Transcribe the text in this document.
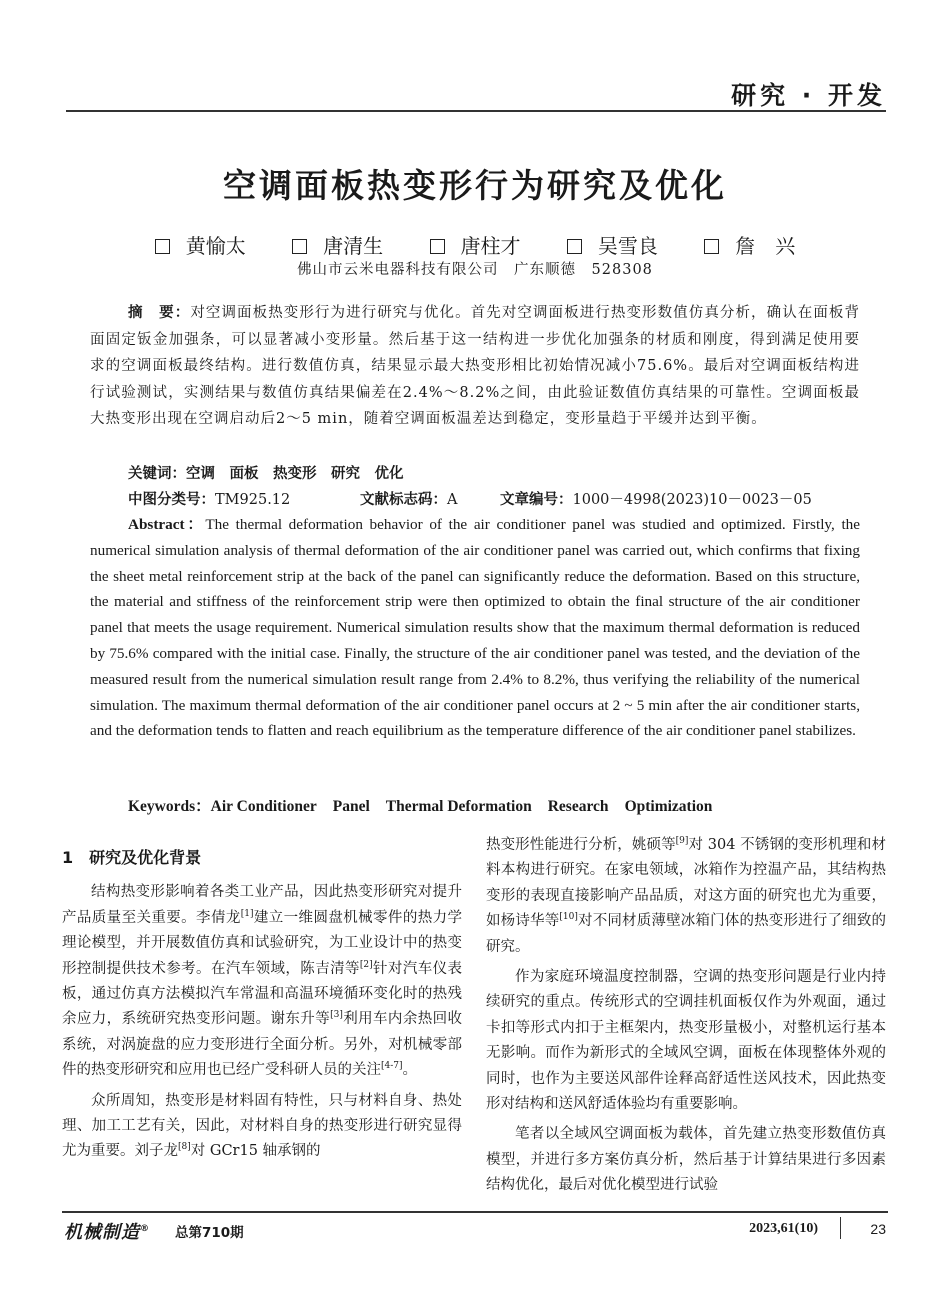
研究 · 开发
空调面板热变形行为研究及优化
黄愉太	唐清生	唐柱才	吴雪良	詹　兴
佛山市云米电器科技有限公司　广东顺德　528308
摘　要：对空调面板热变形行为进行研究与优化。首先对空调面板进行热变形数值仿真分析，确认在面板背面固定钣金加强条，可以显著减小变形量。然后基于这一结构进一步优化加强条的材质和刚度，得到满足使用要求的空调面板最终结构。进行数值仿真，结果显示最大热变形相比初始情况减小75.6%。最后对空调面板结构进行试验测试，实测结果与数值仿真结果偏差在2.4%～8.2%之间，由此验证数值仿真结果的可靠性。空调面板最大热变形出现在空调启动后2～5 min，随着空调面板温差达到稳定，变形量趋于平缓并达到平衡。
关键词：空调　面板　热变形　研究　优化
中图分类号：TM925.12	文献标志码：A	文章编号：1000－4998(2023)10－0023－05
Abstract：The thermal deformation behavior of the air conditioner panel was studied and optimized. Firstly, the numerical simulation analysis of thermal deformation of the air conditioner panel was carried out, which confirms that fixing the sheet metal reinforcement strip at the back of the panel can significantly reduce the deformation. Based on this structure, the material and stiffness of the reinforcement strip were then optimized to obtain the final structure of the air conditioner panel that meets the usage requirement. Numerical simulation results show that the maximum thermal deformation is reduced by 75.6% compared with the initial case. Finally, the structure of the air conditioner panel was tested, and the deviation of the measured result from the numerical simulation result range from 2.4% to 8.2%, thus verifying the reliability of the numerical simulation. The maximum thermal deformation of the air conditioner panel occurs at 2 ~ 5 min after the air conditioner starts, and the deformation tends to flatten and reach equilibrium as the temperature difference of the air conditioner panel stabilizes.
Keywords：Air Conditioner Panel Thermal Deformation Research Optimization

1　研究及优化背景

结构热变形影响着各类工业产品，因此热变形研究对提升产品质量至关重要。李倩龙[1]建立一维圆盘机械零件的热力学理论模型，并开展数值仿真和试验研究，为工业设计中的热变形控制提供技术参考。在汽车领域，陈吉清等[2]针对汽车仪表板，通过仿真方法模拟汽车常温和高温环境循环变化时的热残余应力，系统研究热变形问题。谢东升等[3]利用车内余热回收系统，对涡旋盘的应力变形进行全面分析。另外，对机械零部件的热变形研究和应用也已经广受科研人员的关注[4-7]。

众所周知，热变形是材料固有特性，只与材料自身、热处理、加工工艺有关，因此，对材料自身的热变形进行研究显得尤为重要。刘子龙[8]对 GCr15 轴承钢的

热变形性能进行分析，姚硕等[9]对 304 不锈钢的变形机理和材料本构进行研究。在家电领域，冰箱作为控温产品，其结构热变形的表现直接影响产品品质，对这方面的研究也尤为重要，如杨诗华等[10]对不同材质薄壁冰箱门体的热变形进行了细致的研究。

作为家庭环境温度控制器，空调的热变形问题是行业内持续研究的重点。传统形式的空调挂机面板仅作为外观面，通过卡扣等形式内扣于主框架内，热变形量极小，对整机运行基本无影响。而作为新形式的全域风空调，面板在体现整体外观的同时，也作为主要送风部件诠释高舒适性送风技术，因此热变形对结构和送风舒适体验均有重要影响。

笔者以全域风空调面板为载体，首先建立热变形数值仿真模型，并进行多方案仿真分析，然后基于计算结果进行多因素结构优化，最后对优化模型进行试验

机械制造® 总第710期	2023,61(10)	23
